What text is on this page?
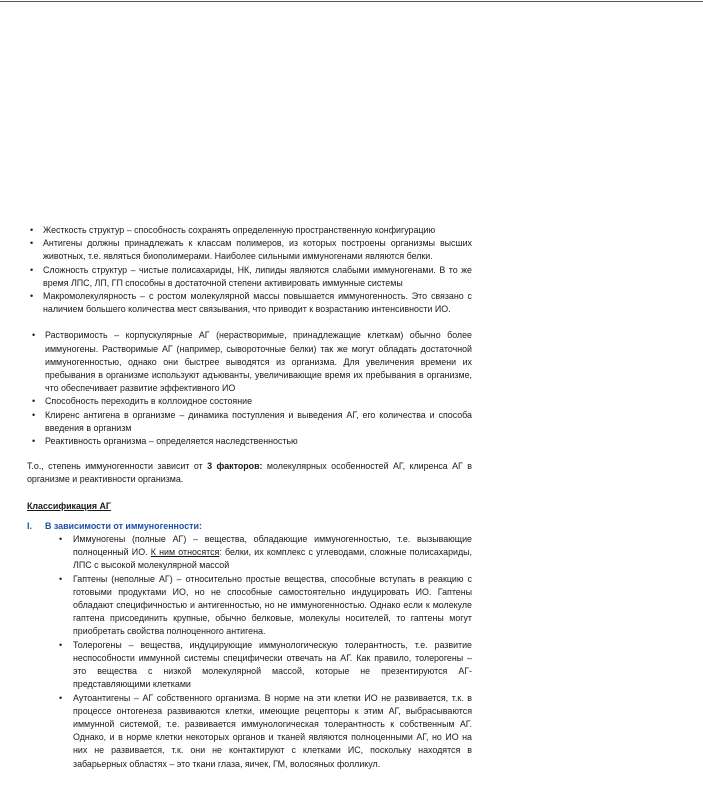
• Жесткость структур – способность сохранять определенную пространственную конфигурацию
• Антигены должны принадлежать к классам полимеров, из которых построены организмы высших животных, т.е. являться биополимерами. Наиболее сильными иммуногенами являются белки.
• Сложность структур – чистые полисахариды, НК, липиды являются слабыми иммуногенами. В то же время ЛПС, ЛП, ГП способны в достаточной степени активировать иммунные системы
• Макромолекулярность – с ростом молекулярной массы повышается иммуногенность. Это связано с наличием большего количества мест связывания, что приводит к возрастанию интенсивности ИО.
• Растворимость – корпускулярные АГ (нерастворимые, принадлежащие клеткам) обычно более иммуногены. Растворимые АГ (например, сывороточные белки) так же могут обладать достаточной иммуногенностью, однако они быстрее выводятся из организма. Для увеличения времени их пребывания в организме используют адъюванты, увеличивающие время их пребывания в организме, что обеспечивает развитие эффективного ИО
• Способность переходить в коллоидное состояние
• Клиренс антигена в организме – динамика поступления и выведения АГ, его количества и способа введения в организм
• Реактивность организма – определяется наследственностью

Т.о., степень иммуногенности зависит от 3 факторов: молекулярных особенностей АГ, клиренса АГ в организме и реактивности организма.

Классификация АГ
I. В зависимости от иммуногенности:
• Иммуногены (полные АГ) – вещества, обладающие иммуногенностью, т.е. вызывающие полноценный ИО. К ним относятся: белки, их комплекс с углеводами, сложные полисахариды, ЛПС с высокой молекулярной массой
• Гаптены (неполные АГ) – относительно простые вещества, способные вступать в реакцию с готовыми продуктами ИО, но не способные самостоятельно индуцировать ИО. Гаптены обладают специфичностью и антигенностью, но не иммуногенностью. Однако если к молекуле гаптена присоединить крупные, обычно белковые, молекулы носителей, то гаптены могут приобретать свойства полноценного антигена.
• Толерогены – вещества, индуцирующие иммунологическую толерантность, т.е. развитие неспособности иммунной системы специфически отвечать на АГ. Как правило, толерогены – это вещества с низкой молекулярной массой, которые не презентируются АГ-представляющими клетками
• Аутоантигены – АГ собственного организма. В норме на эти клетки ИО не развивается, т.к. в процессе онтогенеза развиваются клетки, имеющие рецепторы к этим АГ, выбрасываются иммунной системой, т.е. развивается иммунологическая толерантность к собственным АГ. Однако, и в норме клетки некоторых органов и тканей являются полноценными АГ, но ИО на них не развивается, т.к. они не контактируют с клетками ИС, поскольку находятся в забарьерных областях – это ткани глаза, яичек, ГМ, волосяных фолликул.
